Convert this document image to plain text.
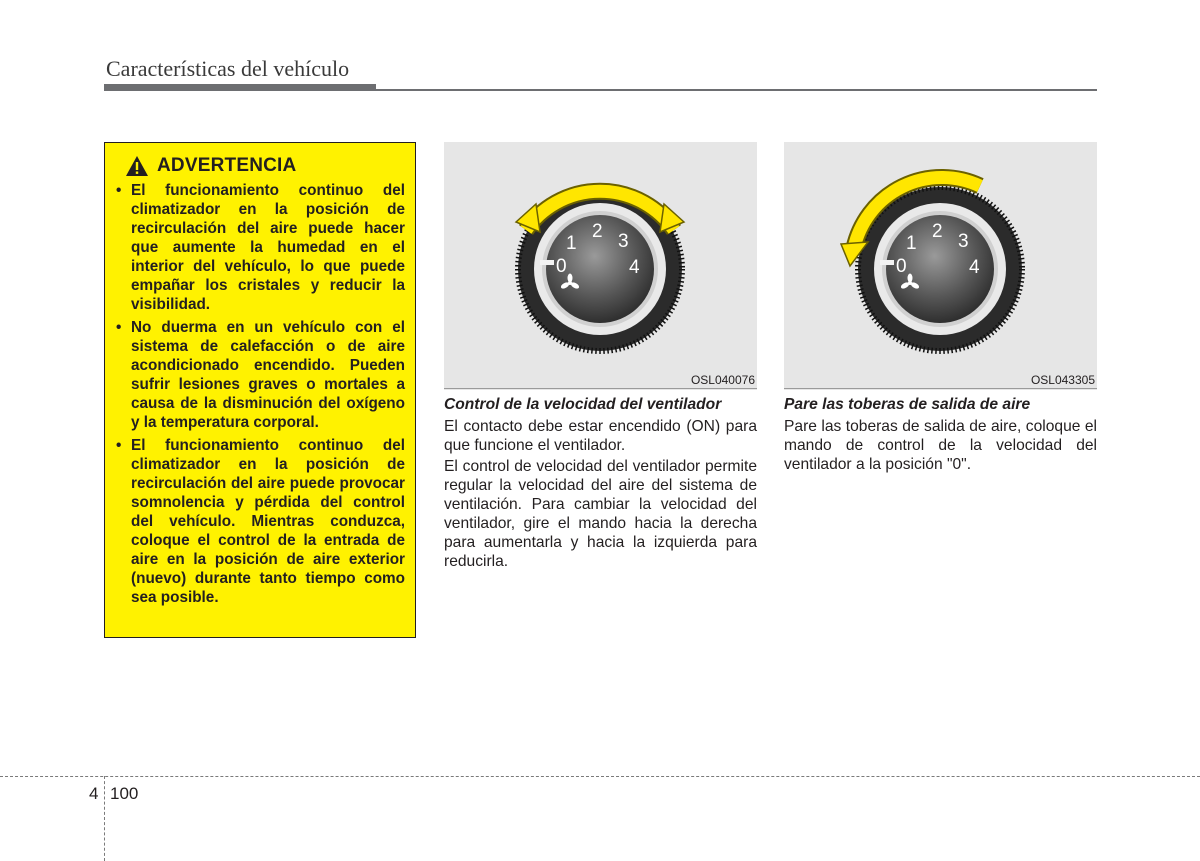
Características del vehículo
ADVERTENCIA
• El funcionamiento continuo del climatizador en la posición de recirculación del aire puede hacer que aumente la humedad en el interior del vehículo, lo que puede empañar los cristales y reducir la visibilidad.
• No duerma en un vehículo con el sistema de calefacción o de aire acondicionado encendido. Pueden sufrir lesiones graves o mortales a causa de la disminución del oxígeno y la temperatura corporal.
• El funcionamiento continuo del climatizador en la posición de recirculación del aire puede provocar somnolencia y pérdida del control del vehículo. Mientras conduzca, coloque el control de la entrada de aire en la posición de aire exterior (nuevo) durante tanto tiempo como sea posible.
0
1
2 3
4
OSL040076
0
1
2 3
4
OSL043305
Control de la velocidad del ventilador

El contacto debe estar encendido (ON) para que funcione el ventilador.

El control de velocidad del ventilador permite regular la velocidad del aire del sistema de ventilación. Para cambiar la velocidad del ventilador, gire el mando hacia la derecha para aumentarla y hacia la izquierda para reducirla.

Pare las toberas de salida de aire

Pare las toberas de salida de aire, coloque el mando de control de la velocidad del ventilador a la posición "0".

4 100
